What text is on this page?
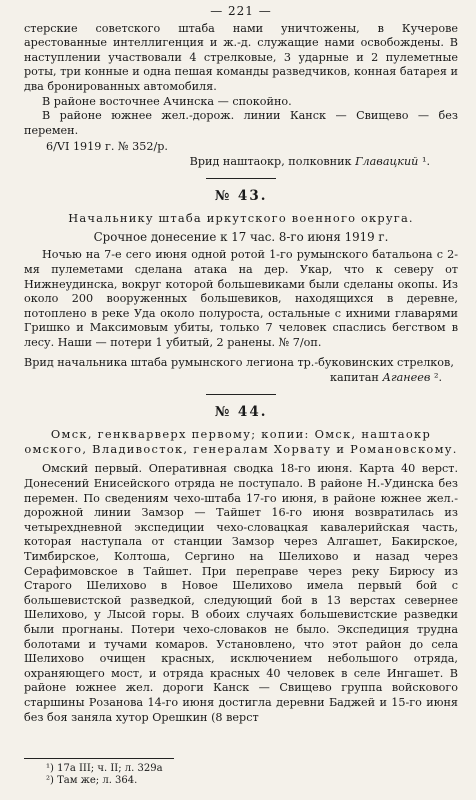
— 221 —

стерские советского штаба нами уничтожены, в Кучерове арестованные интеллигенция и ж.-д. служащие нами освобождены. В наступлении участвовали 4 стрелковые, 3 ударные и 2 пулеметные роты, три конные и одна пешая команды разведчиков, конная батарея и два бронированных автомобиля.

В районе восточнее Ачинска — спокойно.

В районе южнее жел.-дорож. линии Канск — Свищево — без перемен.

6/VI 1919 г. № 352/р.

Врид наштаокр, полковник Главацкий ¹.

№ 43.
Начальнику штаба иркутского военного округа.
Срочное донесение к 17 час. 8-го июня 1919 г.

Ночью на 7-е сего июня одной ротой 1-го румынского батальона с 2-мя пулеметами сделана атака на дер. Укар, что к северу от Нижнеудинска, вокруг которой большевиками были сделаны окопы. Из около 200 вооруженных большевиков, находящихся в деревне, потоплено в реке Уда около полуроста, остальные с ихними главарями Гришко и Максимовым убиты, только 7 человек спаслись бегством в лесу. Наши — потери 1 убитый, 2 ранены. № 7/оп.

Врид начальника штаба румынского легиона тр.-буковинских стрелков,

капитан Аганеев ².

№ 44.
Омск, генкварверх первому; копии: Омск, наштаокр омского, Владивосток, генералам Хорвату и Романовскому.

Омский первый. Оперативная сводка 18-го июня. Карта 40 верст. Донесений Енисейского отряда не поступало. В районе Н.-Удинска без перемен. По сведениям чехо-штаба 17-го июня, в районе южнее жел.-дорожной линии Замзор — Тайшет 16-го июня возвратилась из четырехдневной экспедиции чехо-словацкая кавалерийская часть, которая наступала от станции Замзор через Алгашет, Бакирское, Тимбирское, Колтоша, Сергино на Шелихово и назад через Серафимовское в Тайшет. При переправе через реку Бирюсу из Старого Шелихово в Новое Шелихово имела первый бой с большевистской разведкой, следующий бой в 13 верстах севернее Шелихово, у Лысой горы. В обоих случаях большевистские разведки были прогнаны. Потери чехо-словаков не было. Экспедиция трудна болотами и тучами комаров. Установлено, что этот район до села Шелихово очищен красных, исключением небольшого отряда, охраняющего мост, и отряда красных 40 человек в селе Ингашет. В районе южнее жел. дороги Канск — Свищево группа войскового старшины Розанова 14-го июня достигла деревни Баджей и 15-го июня без боя заняла хутор Орешкин (8 верст

¹) 17а III; ч. II; л. 329а
²) Там же; л. 364.
